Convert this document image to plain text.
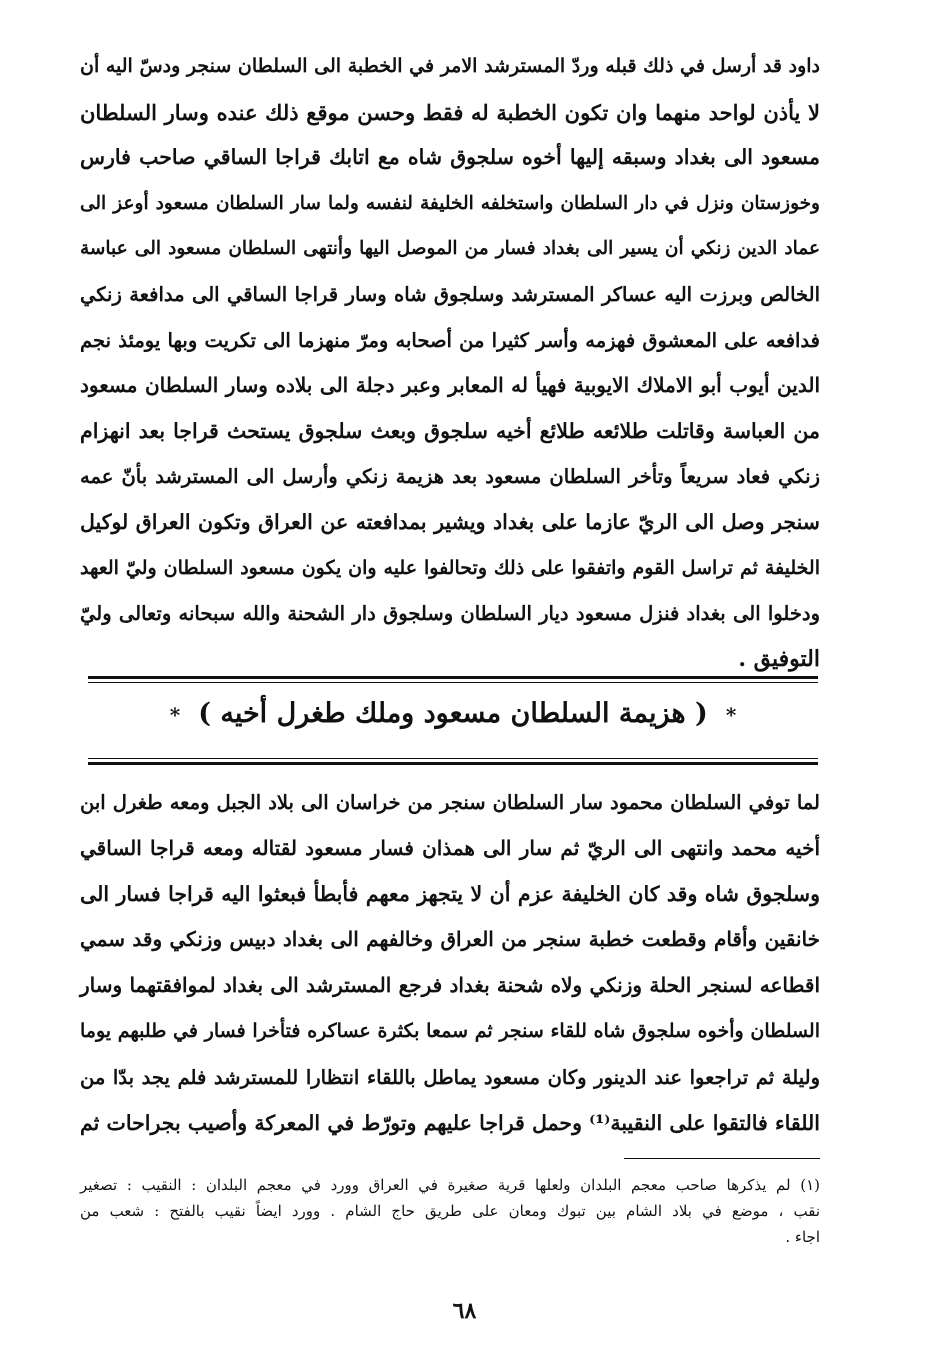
داود قد أرسل في ذلك قبله وردّ المسترشد الامر في الخطبة الى السلطان سنجر ودسّ اليه أن
لا يأذن لواحد منهما وان تكون الخطبة له فقط وحسن موقع ذلك عنده وسار السلطان
مسعود الى بغداد وسبقه إليها أخوه سلجوق شاه مع اتابك قراجا الساقي صاحب فارس
وخوزستان ونزل في دار السلطان واستخلفه الخليفة لنفسه ولما سار السلطان مسعود أوعز الى
عماد الدين زنكي أن يسير الى بغداد فسار من الموصل اليها وأنتهى السلطان مسعود الى عباسة
الخالص وبرزت اليه عساكر المسترشد وسلجوق شاه وسار قراجا الساقي الى مدافعة زنكي
فدافعه على المعشوق فهزمه وأسر كثيرا من أصحابه ومرّ منهزما الى تكريت وبها يومئذ نجم
الدين أيوب أبو الاملاك الايوبية فهيأ له المعابر وعبر دجلة الى بلاده وسار السلطان مسعود
من العباسة وقاتلت طلائعه طلائع أخيه سلجوق وبعث سلجوق يستحث قراجا بعد انهزام
زنكي فعاد سريعاً وتأخر السلطان مسعود بعد هزيمة زنكي وأرسل الى المسترشد بأنّ عمه
سنجر وصل الى الريّ عازما على بغداد ويشير بمدافعته عن العراق وتكون العراق لوكيل
الخليفة ثم تراسل القوم واتفقوا على ذلك وتحالفوا عليه وان يكون مسعود السلطان وليّ العهد
ودخلوا الى بغداد فنزل مسعود ديار السلطان وسلجوق دار الشحنة والله سبحانه وتعالى وليّ
التوفيق .
*( هزيمة السلطان مسعود وملك طغرل أخيه )*
لما توفي السلطان محمود سار السلطان سنجر من خراسان الى بلاد الجبل ومعه طغرل ابن
أخيه محمد وانتهى الى الريّ ثم سار الى همذان فسار مسعود لقتاله ومعه قراجا الساقي
وسلجوق شاه وقد كان الخليفة عزم أن لا يتجهز معهم فأبطأ فبعثوا اليه قراجا فسار الى
خانقين وأقام وقطعت خطبة سنجر من العراق وخالفهم الى بغداد دبيس وزنكي وقد سمي
اقطاعه لسنجر الحلة وزنكي ولاه شحنة بغداد فرجع المسترشد الى بغداد لموافقتهما وسار
السلطان وأخوه سلجوق شاه للقاء سنجر ثم سمعا بكثرة عساكره فتأخرا فسار في طلبهم يوما
وليلة ثم تراجعوا عند الدينور وكان مسعود يماطل باللقاء انتظارا للمسترشد فلم يجد بدّا من
اللقاء فالتقوا على النقيبة⁽¹⁾ وحمل قراجا عليهم وتورّط في المعركة وأصيب بجراحات ثم
(١) لم يذكرها صاحب معجم البلدان ولعلها قرية صغيرة في العراق وورد في معجم البلدان : النقيب : تصغير
نقب ، موضع في بلاد الشام بين تبوك ومعان على طريق حاج الشام . وورد ايضاً نقيب بالفتح : شعب من
اجاء .
٦٨
